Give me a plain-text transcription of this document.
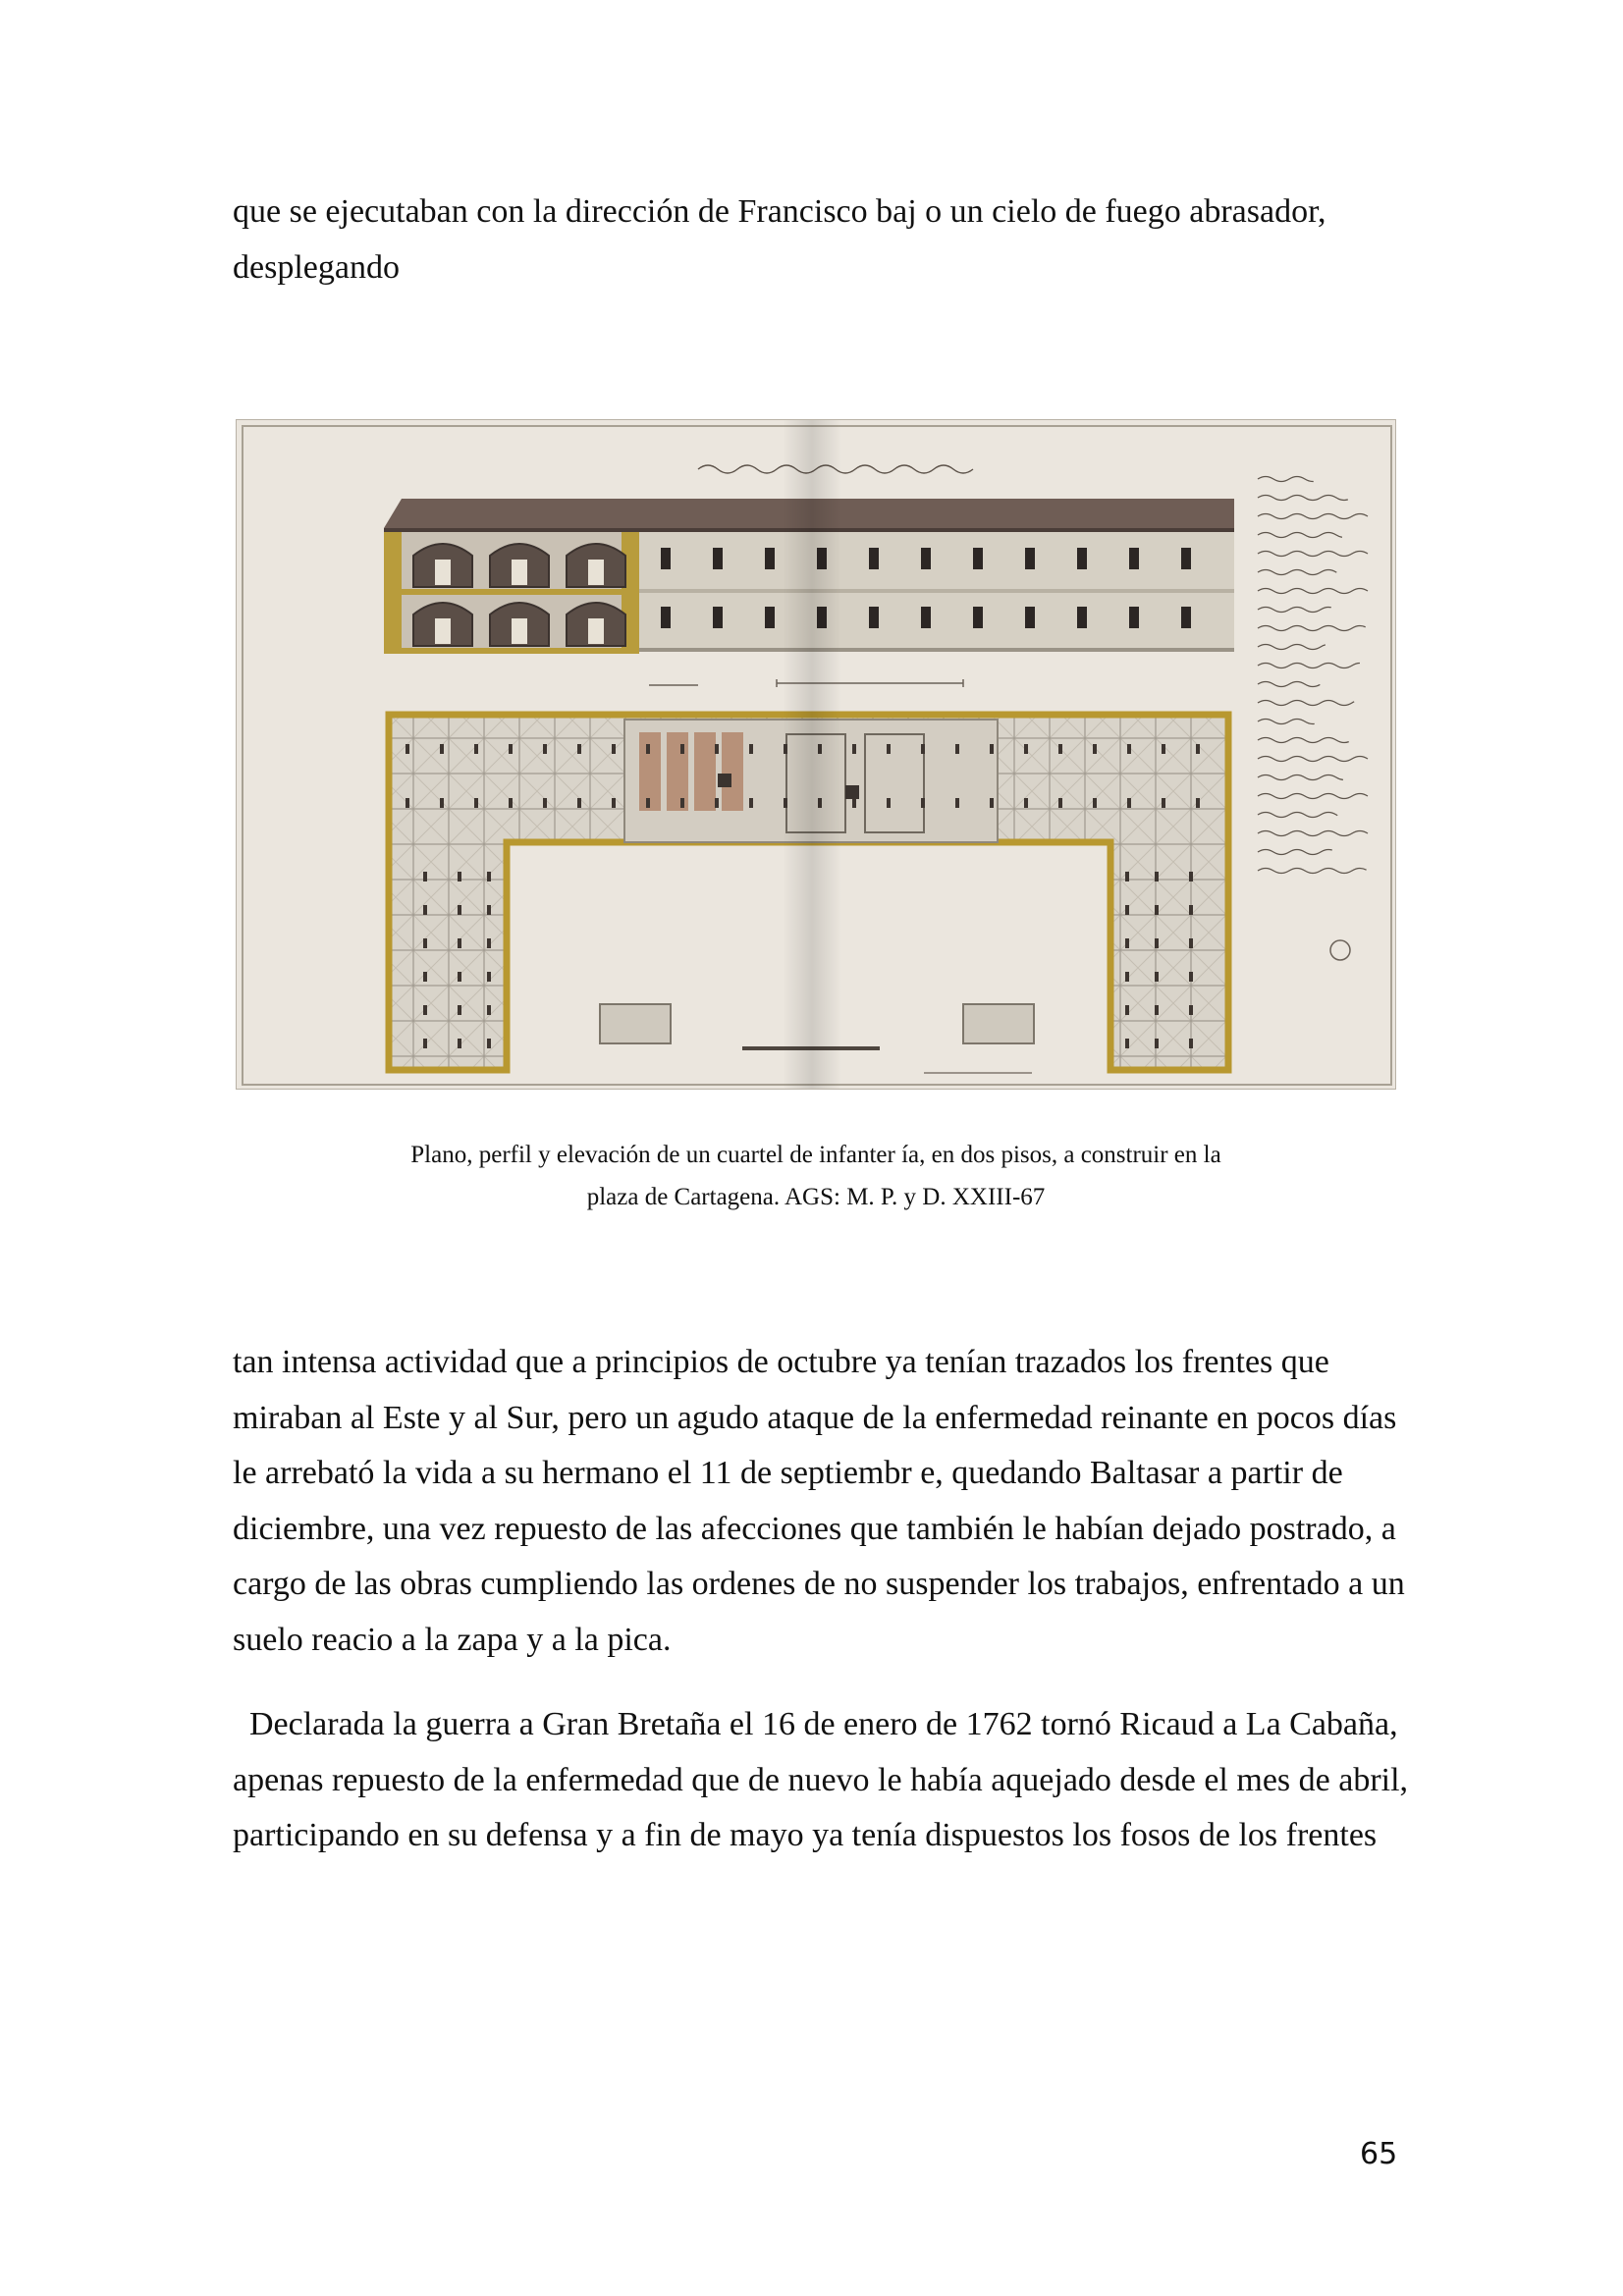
que se ejecutaban con la dirección de Francisco baj o un cielo de fuego abrasador,
desplegando

Plano, perfil y elevación de un cuartel de infanter ía, en dos pisos, a construir en la

plaza de Cartagena. AGS: M. P. y D. XXIII-67

tan intensa actividad que a principios de octubre ya tenían trazados los frentes que
miraban al Este y al Sur, pero un agudo ataque de la enfermedad reinante en pocos días
le arrebató la vida a su hermano el 11 de septiembr e, quedando Baltasar a partir de
diciembre, una vez repuesto de las afecciones que también le habían dejado postrado, a
cargo de las obras cumpliendo las ordenes de no suspender los trabajos, enfrentado a un
suelo reacio a la zapa y a la pica.

Declarada la guerra a Gran Bretaña el 16 de enero de 1762 tornó Ricaud a La Cabaña,
apenas repuesto de la enfermedad que de nuevo le había aquejado desde el mes de abril,
participando en su defensa y a fin de mayo ya tenía dispuestos los fosos de los frentes

65
